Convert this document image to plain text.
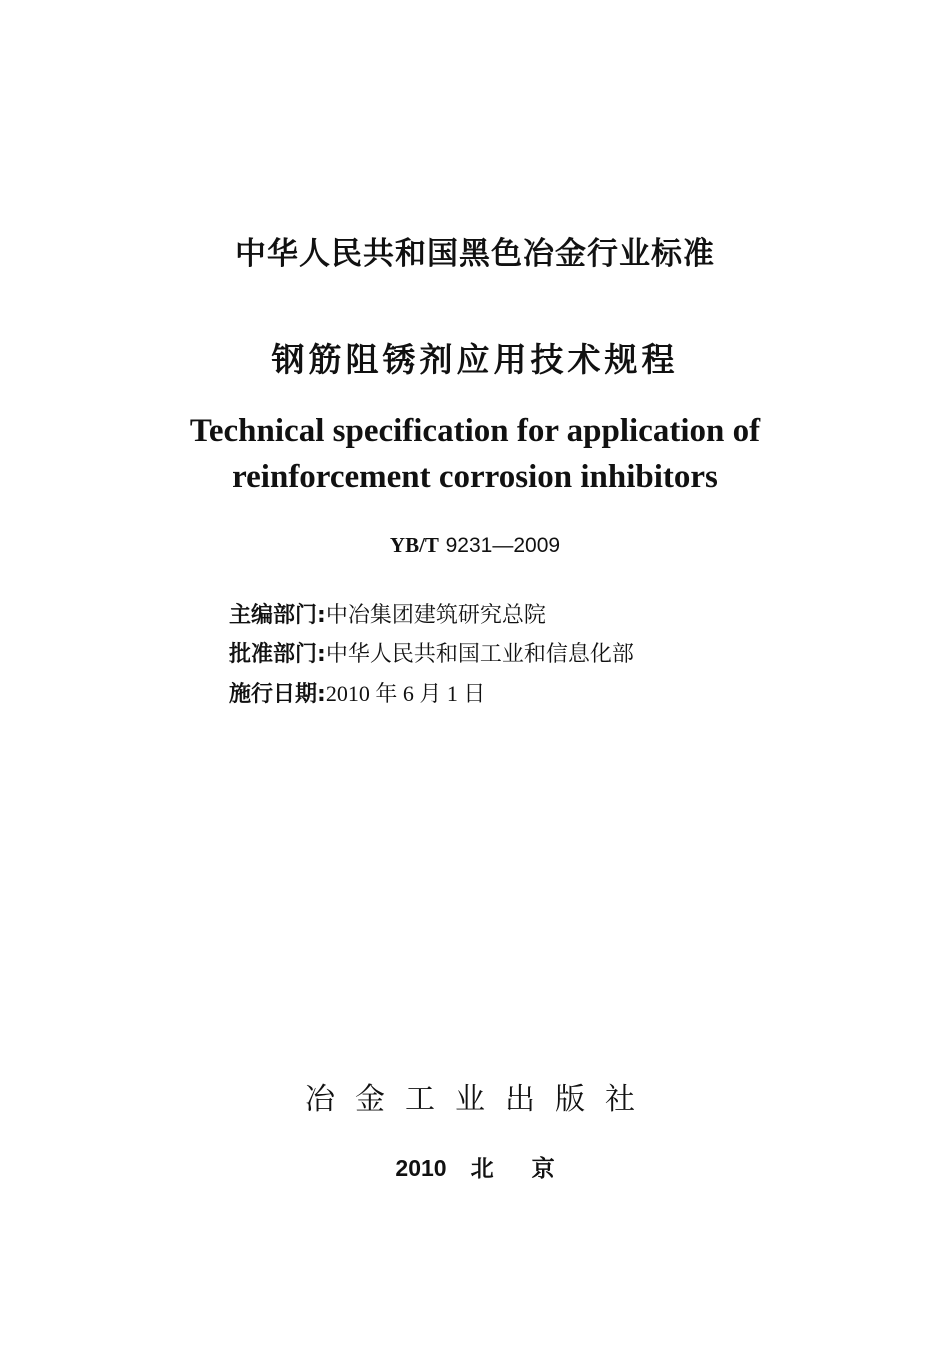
中华人民共和国黑色冶金行业标准
钢筋阻锈剂应用技术规程
Technical specification for application of
reinforcement corrosion inhibitors
YB/T 9231—2009
主编部门:中冶集团建筑研究总院
批准部门:中华人民共和国工业和信息化部
施行日期:2010 年 6 月 1 日
冶金工业出版社
2010 北 京
